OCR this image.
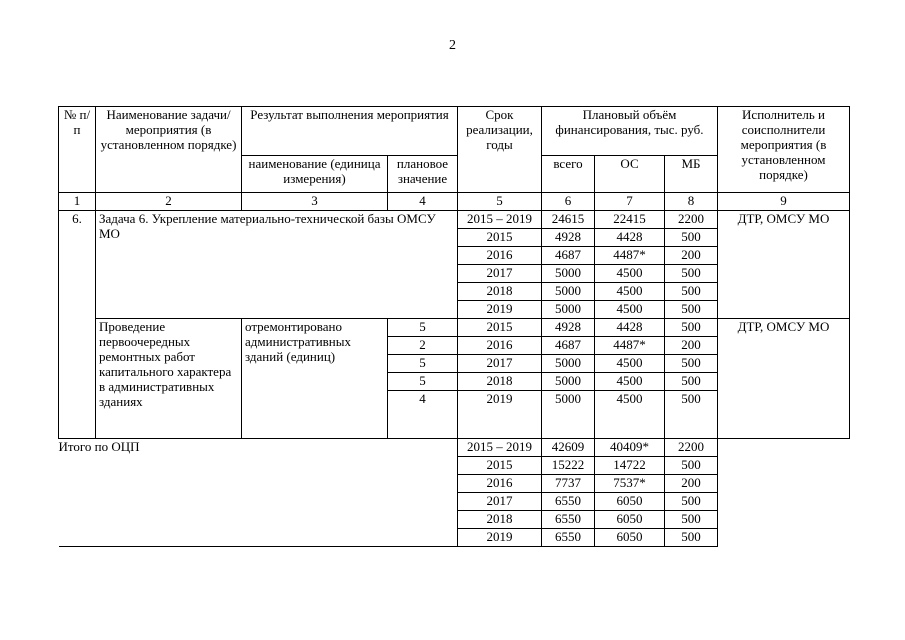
2
№ п/п	Наименование задачи/мероприятия (в установленном порядке)	Результат выполнения мероприятия		Срок реализации, годы	Плановый объём финансирования, тыс. руб.			Исполнитель и соисполнители мероприятия (в установленном порядке)
		наименование (единица измерения)	плановое значение		всего	ОС	МБ	
1	2	3	4	5	6	7	8	9
6.	Задача 6. Укрепление материально-технической базы ОМСУ МО			2015 – 2019	24615	22415	2200	ДТР, ОМСУ МО
				2015	4928	4428	500	
				2016	4687	4487*	200	
				2017	5000	4500	500	
				2018	5000	4500	500	
				2019	5000	4500	500	
	Проведение первоочередных ремонтных работ капитального характера в административных зданиях	отремонтировано административных зданий (единиц)	5	2015	4928	4428	500	ДТР, ОМСУ МО
			2	2016	4687	4487*	200	
			5	2017	5000	4500	500	
			5	2018	5000	4500	500	
			4	2019	5000	4500	500	
Итого по ОЦП				2015 – 2019	42609	40409*	2200	
				2015	15222	14722	500	
				2016	7737	7537*	200	
				2017	6550	6050	500	
				2018	6550	6050	500	
				2019	6550	6050	500	
